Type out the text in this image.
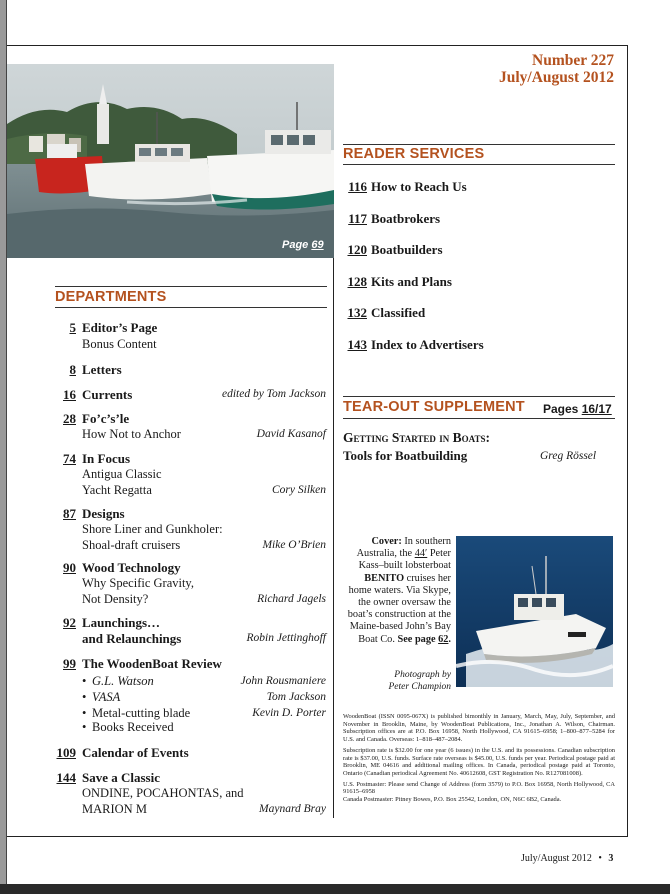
Number 227
July/August 2012
Page 69
READER SERVICES
116 How to Reach Us
117 Boatbrokers
120 Boatbuilders
128 Kits and Plans
132 Classified
143 Index to Advertisers
TEAR-OUT SUPPLEMENT Pages 16/17
Getting Started in Boats:
Tools for Boatbuilding	Greg Rössel
Cover: In southern Australia, the 44′ Peter Kass–built lobsterboat BENITO cruises her home waters. Via Skype, the owner oversaw the boat’s construction at the Maine-based John’s Bay Boat Co. See page 62.
Photograph by
Peter Champion

WoodenBoat (ISSN 0095-067X) is published bimonthly in January, March, May, July, September, and November in Brooklin, Maine, by WoodenBoat Publications, Inc., Jonathan A. Wilson, Chairman. Subscription offices are at P.O. Box 16958, North Hollywood, CA 91615–6958; 1–800–877–5284 for U.S. and Canada. Overseas: 1–818–487–2084.

Subscription rate is $32.00 for one year (6 issues) in the U.S. and its possessions. Canadian subscription rate is $37.00, U.S. funds. Surface rate overseas is $45.00, U.S. funds per year. Periodical postage paid at Brooklin, ME 04616 and additional mailing offices. In Canada, periodical postage paid at Toronto, Ontario (Canadian periodical Agreement No. 40612608, GST Registration No. R127081008).

U.S. Postmaster: Please send Change of Address (form 3579) to P.O. Box 16958, North Hollywood, CA 91615–6958

Canada Postmaster: Pitney Bowes, P.O. Box 25542, London, ON, N6C 6B2, Canada.

DEPARTMENTS
5 Editor’s Page
Bonus Content
8 Letters
16 Currents	edited by Tom Jackson
28 Fo’c’s’le
How Not to Anchor	David Kasanof
74 In Focus
Antigua Classic
Yacht Regatta	Cory Silken
87 Designs
Shore Liner and Gunkholer:
Shoal-draft cruisers	Mike O’Brien
90 Wood Technology
Why Specific Gravity,
Not Density?	Richard Jagels
92 Launchings…
and Relaunchings	Robin Jettinghoff
99 The WoodenBoat Review
• G.L. Watson	John Rousmaniere
• VASA	Tom Jackson
• Metal-cutting blade	Kevin D. Porter
• Books Received
109 Calendar of Events
144 Save a Classic
ONDINE, POCAHONTAS, and
MARION M	Maynard Bray
July/August 2012 • 3
